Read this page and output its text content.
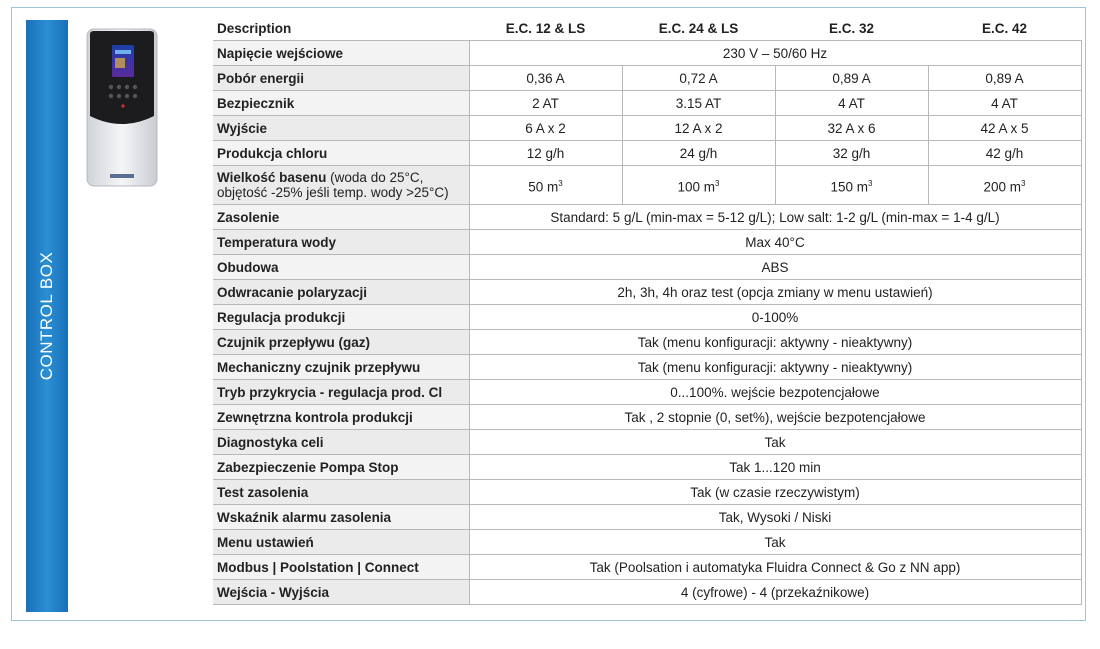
CONTROL BOX
Description	E.C. 12 & LS	E.C. 24 & LS	E.C. 32	E.C. 42
Napięcie wejściowe	230 V – 50/60 Hz			
Pobór energii	0,36 A	0,72 A	0,89 A	0,89 A
Bezpiecznik	2 AT	3.15 AT	4 AT	4 AT
Wyjście	6 A x 2	12 A x 2	32 A x 6	42 A x 5
Produkcja chloru	12 g/h	24 g/h	32 g/h	42 g/h
Wielkość basenu (woda do 25°C,
objętość -25% jeśli temp. wody >25°C)	50 $m^3$	100 $m^3$	150 $m^3$	200 $m^3$
Zasolenie	Standard: 5 g/L (min-max = 5-12 g/L); Low salt: 1-2 g/L (min-max = 1-4 g/L)			
Temperatura wody	Max 40°C			
Obudowa	ABS			
Odwracanie polaryzacji	2h, 3h, 4h oraz test (opcja zmiany w menu ustawień)			
Regulacja produkcji	0-100%			
Czujnik przepływu (gaz)	Tak (menu konfiguracji: aktywny - nieaktywny)			
Mechaniczny czujnik przepływu	Tak (menu konfiguracji: aktywny - nieaktywny)			
Tryb przykrycia - regulacja prod. Cl	0...100%. wejście bezpotencjałowe			
Zewnętrzna kontrola produkcji	Tak , 2 stopnie (0, set%), wejście bezpotencjałowe			
Diagnostyka celi	Tak			
Zabezpieczenie Pompa Stop	Tak 1...120 min			
Test zasolenia	Tak (w czasie rzeczywistym)			
Wskaźnik alarmu zasolenia	Tak, Wysoki / Niski			
Menu ustawień	Tak			
Modbus | Poolstation | Connect	Tak (Poolsation i automatyka Fluidra Connect & Go z NN app)			
Wejścia - Wyjścia	4 (cyfrowe) - 4 (przekaźnikowe)			
